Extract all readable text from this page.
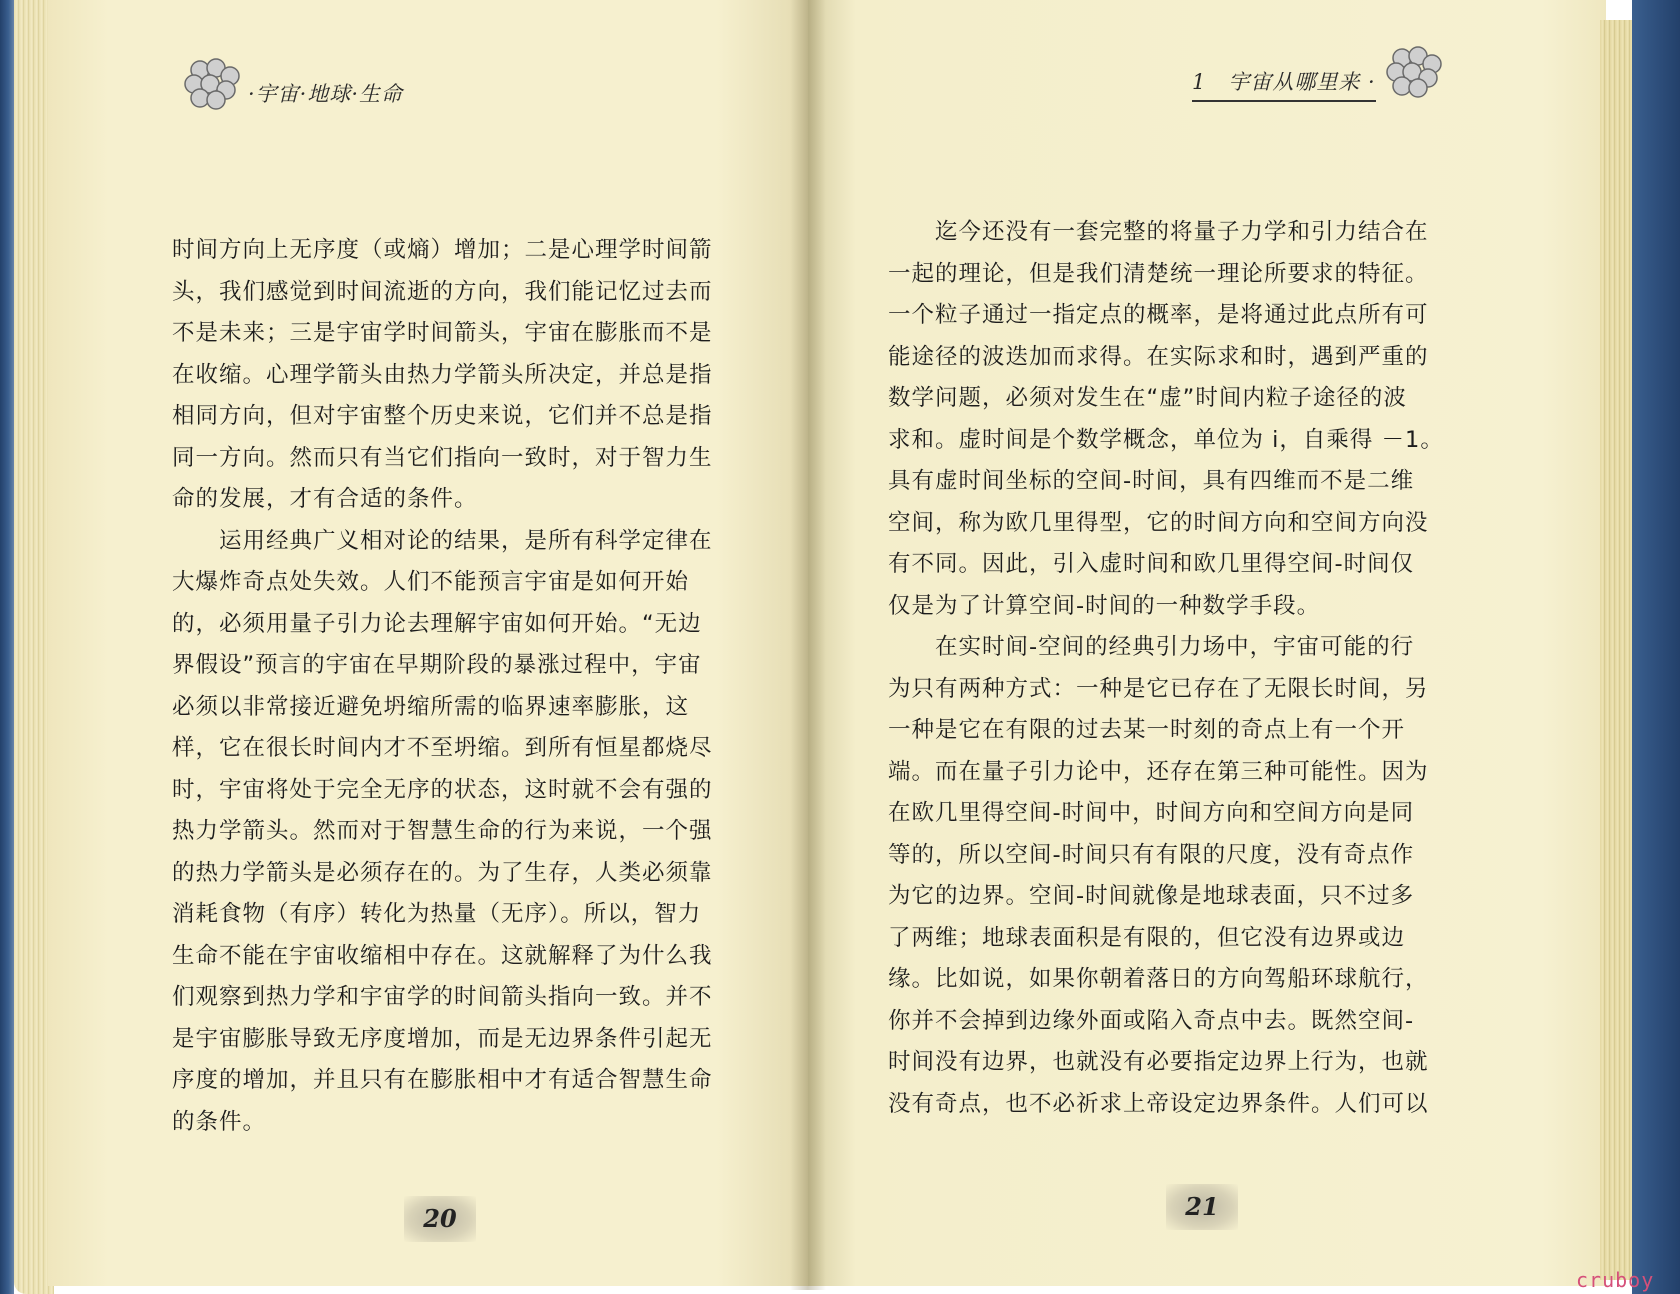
·宇宙·地球·生命
时间方向上无序度（或熵）增加；二是心理学时间箭
头，我们感觉到时间流逝的方向，我们能记忆过去而
不是未来；三是宇宙学时间箭头，宇宙在膨胀而不是
在收缩。心理学箭头由热力学箭头所决定，并总是指
相同方向，但对宇宙整个历史来说，它们并不总是指
同一方向。然而只有当它们指向一致时，对于智力生
命的发展，才有合适的条件。
　　运用经典广义相对论的结果，是所有科学定律在
大爆炸奇点处失效。人们不能预言宇宙是如何开始
的，必须用量子引力论去理解宇宙如何开始。“无边
界假设”预言的宇宙在早期阶段的暴涨过程中，宇宙
必须以非常接近避免坍缩所需的临界速率膨胀，这
样，它在很长时间内才不至坍缩。到所有恒星都烧尽
时，宇宙将处于完全无序的状态，这时就不会有强的
热力学箭头。然而对于智慧生命的行为来说，一个强
的热力学箭头是必须存在的。为了生存，人类必须靠
消耗食物（有序）转化为热量（无序）。所以，智力
生命不能在宇宙收缩相中存在。这就解释了为什么我
们观察到热力学和宇宙学的时间箭头指向一致。并不
是宇宙膨胀导致无序度增加，而是无边界条件引起无
序度的增加，并且只有在膨胀相中才有适合智慧生命
的条件。
20
1　宇宙从哪里来 ·
　　迄今还没有一套完整的将量子力学和引力结合在
一起的理论，但是我们清楚统一理论所要求的特征。
一个粒子通过一指定点的概率，是将通过此点所有可
能途径的波迭加而求得。在实际求和时，遇到严重的
数学问题，必须对发生在“虚”时间内粒子途径的波
求和。虚时间是个数学概念，单位为 i，自乘得 －1。
具有虚时间坐标的空间-时间，具有四维而不是二维
空间，称为欧几里得型，它的时间方向和空间方向没
有不同。因此，引入虚时间和欧几里得空间-时间仅
仅是为了计算空间-时间的一种数学手段。
　　在实时间-空间的经典引力场中，宇宙可能的行
为只有两种方式：一种是它已存在了无限长时间，另
一种是它在有限的过去某一时刻的奇点上有一个开
端。而在量子引力论中，还存在第三种可能性。因为
在欧几里得空间-时间中，时间方向和空间方向是同
等的，所以空间-时间只有有限的尺度，没有奇点作
为它的边界。空间-时间就像是地球表面，只不过多
了两维；地球表面积是有限的，但它没有边界或边
缘。比如说，如果你朝着落日的方向驾船环球航行，
你并不会掉到边缘外面或陷入奇点中去。既然空间-
时间没有边界，也就没有必要指定边界上行为，也就
没有奇点，也不必祈求上帝设定边界条件。人们可以
21
cruboy
